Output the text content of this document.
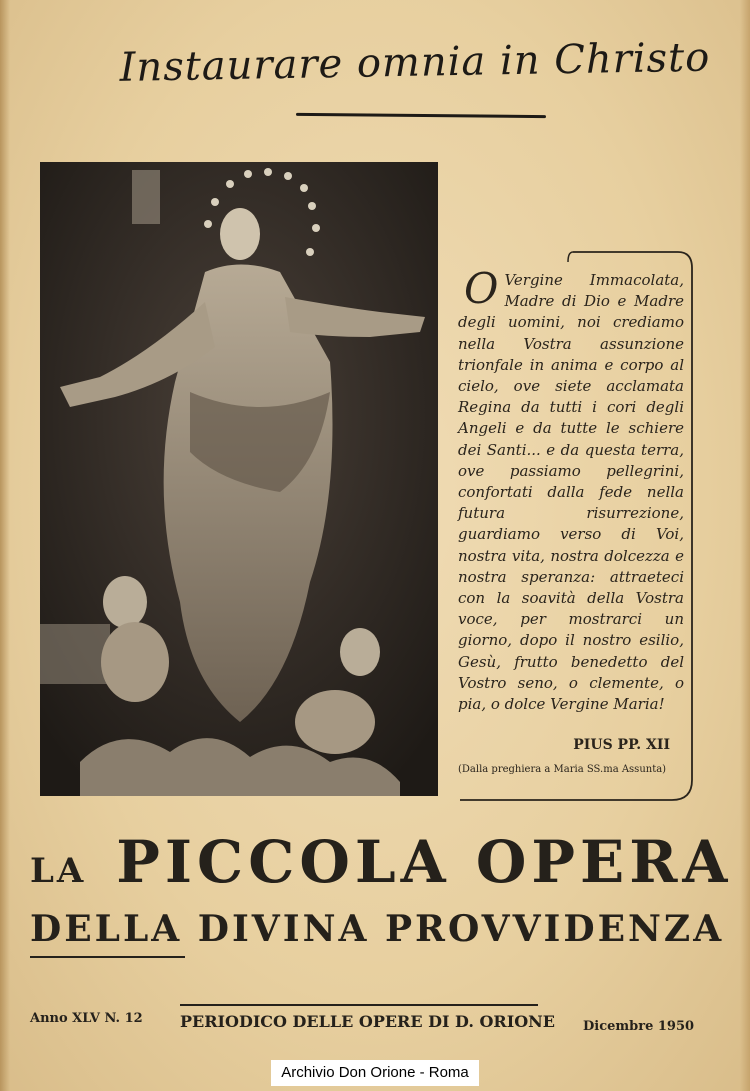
Instaurare omnia in Christo
O Vergine Immacolata, Madre di Dio e Madre degli uomini, noi crediamo nella Vostra assunzione trionfale in anima e corpo al cielo, ove siete acclamata Regina da tutti i cori degli Angeli e da tutte le schiere dei Santi... e da questa terra, ove passiamo pellegrini, confortati dalla fede nella futura risurrezione, guardiamo verso di Voi, nostra vita, nostra dolcezza e nostra speranza: attraeteci con la soavità della Vostra voce, per mostrarci un giorno, dopo il nostro esilio, Gesù, frutto benedetto del Vostro seno, o clemente, o pia, o dolce Vergine Maria!

PIUS PP. XII
(Dalla preghiera a Maria SS.ma Assunta)
LA PICCOLA OPERA
DELLA DIVINA PROVVIDENZA
Anno XLV N. 12 PERIODICO DELLE OPERE DI D. ORIONE Dicembre 1950
Archivio Don Orione - Roma
